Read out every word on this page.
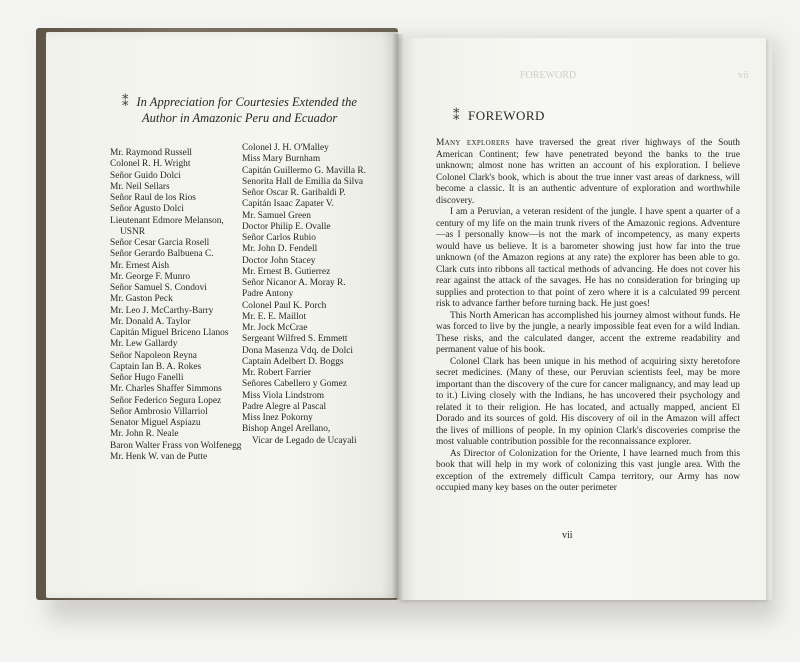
FOREWORD	vii
⁑ In Appreciation for Courtesies Extended the
Author in Amazonic Peru and Ecuador
Mr. Raymond Russell
Colonel R. H. Wright
Señor Guido Dolci
Mr. Neil Sellars
Señor Raul de los Rios
Señor Agusto Dolci
Lieutenant Edmore Melanson,
USNR
Señor Cesar Garcia Rosell
Señor Gerardo Balbuena C.
Mr. Ernest Aish
Mr. George F. Munro
Señor Samuel S. Condovi
Mr. Gaston Peck
Mr. Leo J. McCarthy-Barry
Mr. Donald A. Taylor
Capitán Miguel Briceno Llanos
Mr. Lew Gallardy
Señor Napoleon Reyna
Captain Ian B. A. Rokes
Señor Hugo Fanelli
Mr. Charles Shaffer Simmons
Señor Federico Segura Lopez
Señor Ambrosio Villarriol
Senator Miguel Aspiazu
Mr. John R. Neale
Baron Walter Frass von Wolfenegg
Mr. Henk W. van de Putte
Colonel J. H. O'Malley
Miss Mary Burnham
Capitán Guillermo G. Mavilla R.
Senorita Hall de Emilia da Silva
Señor Oscar R. Garibaldi P.
Capitán Isaac Zapater V.
Mr. Samuel Green
Doctor Philip E. Ovalle
Señor Carlos Rubio
Mr. John D. Fendell
Doctor John Stacey
Mr. Ernest B. Gutierrez
Señor Nicanor A. Moray R.
Padre Antony
Colonel Paul K. Porch
Mr. E. E. Maillot
Mr. Jock McCrae
Sergeant Wilfred S. Emmett
Dona Masenza Vdq. de Dolci
Captain Adelbert D. Boggs
Mr. Robert Farrier
Señores Cabellero y Gomez
Miss Viola Lindstrom
Padre Alegre al Pascal
Miss Inez Pokorny
Bishop Angel Arellano,
Vicar de Legado de Ucayali
⁑ FOREWORD

Many explorers have traversed the great river highways of the South American Continent; few have penetrated beyond the banks to the true unknown; almost none has written an account of his exploration. I believe Colonel Clark's book, which is about the true inner vast areas of darkness, will become a classic. It is an authentic adventure of exploration and worthwhile discovery.

I am a Peruvian, a veteran resident of the jungle. I have spent a quarter of a century of my life on the main trunk rivers of the Amazonic regions. Adventure—as I personally know—is not the mark of incompetency, as many experts would have us believe. It is a barometer showing just how far into the true unknown (of the Amazon regions at any rate) the explorer has been able to go. Clark cuts into ribbons all tactical methods of advancing. He does not cover his rear against the attack of the savages. He has no consideration for bringing up supplies and protection to that point of zero where it is a calculated 99 percent risk to advance farther before turning back. He just goes!

This North American has accomplished his journey almost without funds. He was forced to live by the jungle, a nearly impossible feat even for a wild Indian. These risks, and the calculated danger, accent the extreme readability and permanent value of his book.

Colonel Clark has been unique in his method of acquiring sixty heretofore secret medicines. (Many of these, our Peruvian scientists feel, may be more important than the discovery of the cure for cancer malignancy, and may lead up to it.) Living closely with the Indians, he has uncovered their psychology and related it to their religion. He has located, and actually mapped, ancient El Dorado and its sources of gold. His discovery of oil in the Amazon will affect the lives of millions of people. In my opinion Clark's discoveries comprise the most valuable contribution possible for the reconnaissance explorer.

As Director of Colonization for the Oriente, I have learned much from this book that will help in my work of colonizing this vast jungle area. With the exception of the extremely difficult Campa territory, our Army has now occupied many key bases on the outer perimeter

vii
